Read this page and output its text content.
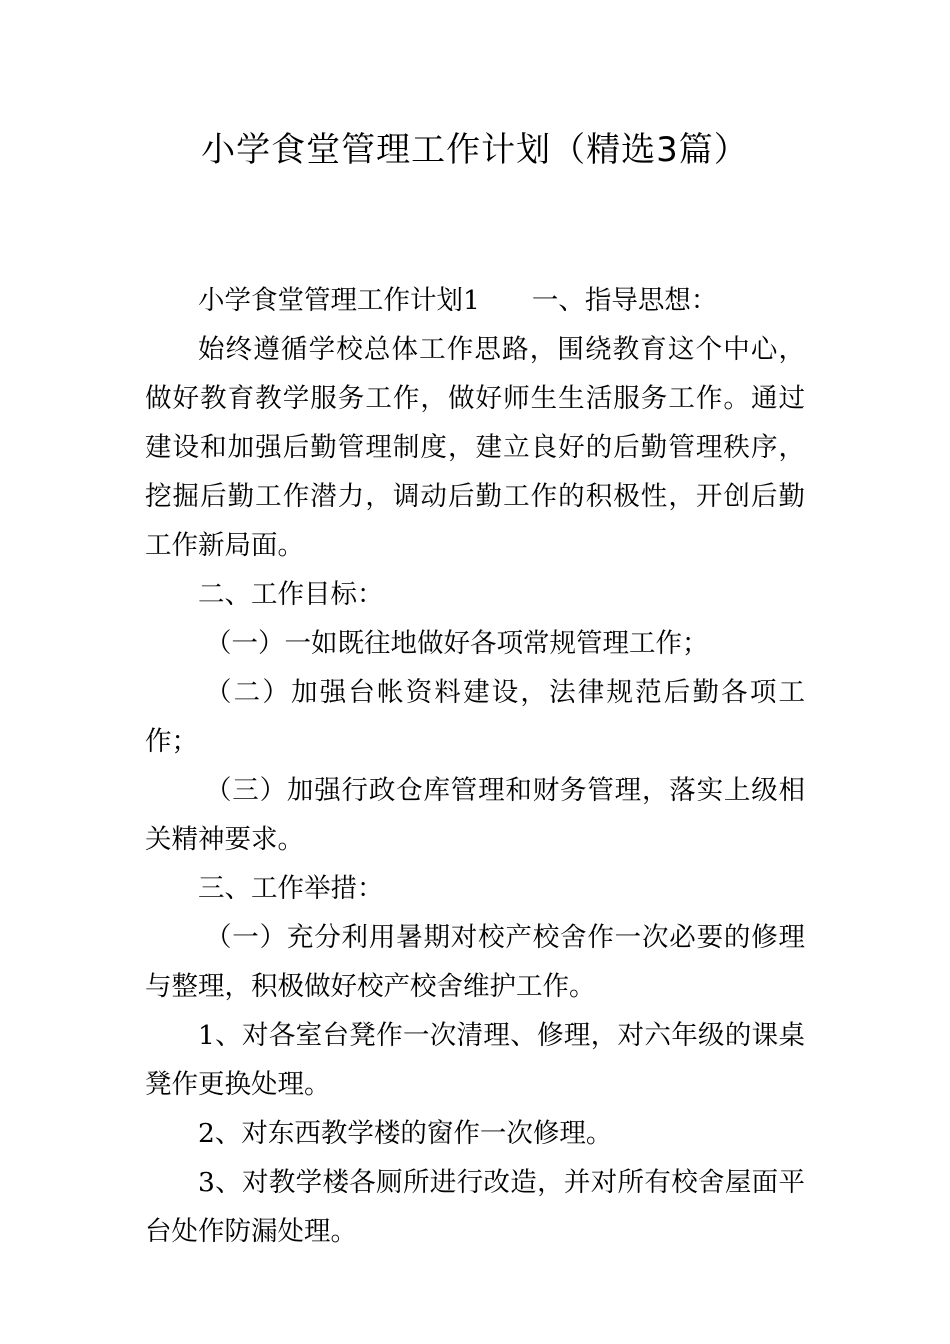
小学食堂管理工作计划（精选3篇）

小学食堂管理工作计划1 一、指导思想：

始终遵循学校总体工作思路，围绕教育这个中心，做好教育教学服务工作，做好师生生活服务工作。通过建设和加强后勤管理制度，建立良好的后勤管理秩序，挖掘后勤工作潜力，调动后勤工作的积极性，开创后勤工作新局面。

二、工作目标：

（一）一如既往地做好各项常规管理工作；

（二）加强台帐资料建设，法律规范后勤各项工作；

（三）加强行政仓库管理和财务管理，落实上级相关精神要求。

三、工作举措：

（一）充分利用暑期对校产校舍作一次必要的修理与整理，积极做好校产校舍维护工作。

1、对各室台凳作一次清理、修理，对六年级的课桌凳作更换处理。

2、对东西教学楼的窗作一次修理。

3、对教学楼各厕所进行改造，并对所有校舍屋面平台处作防漏处理。
